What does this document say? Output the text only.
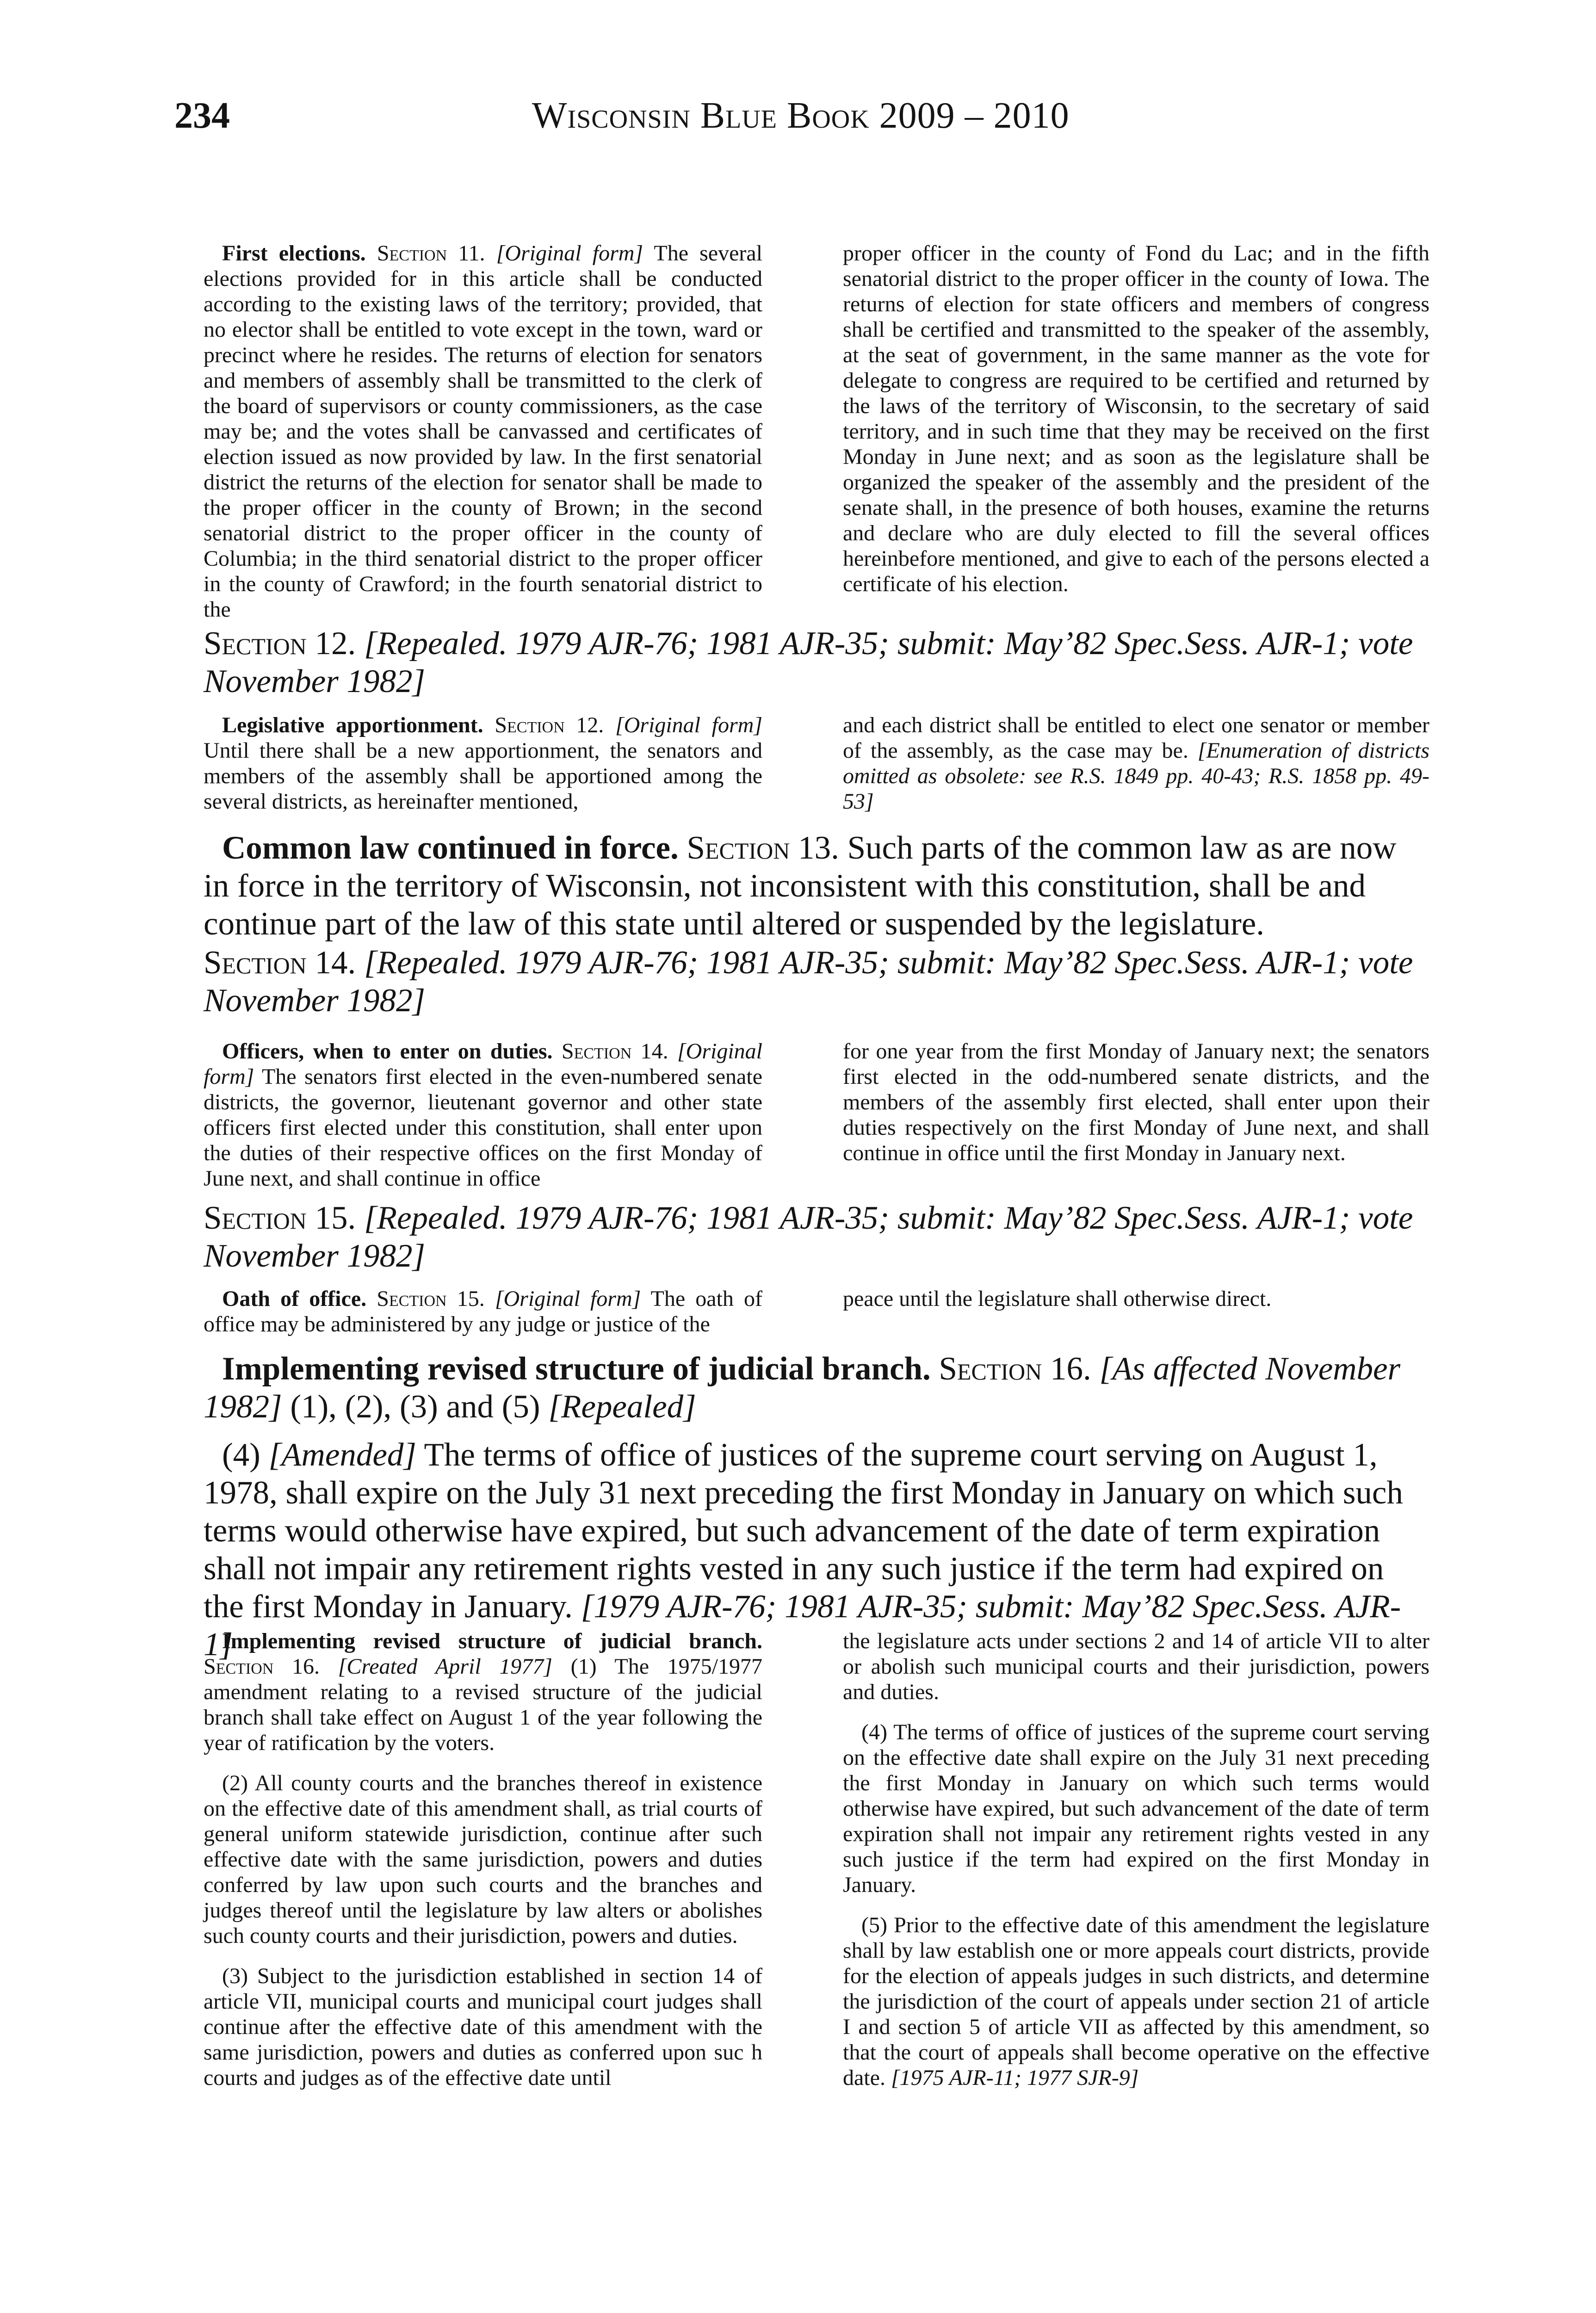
234	Wisconsin Blue Book 2009 – 2010

First elections. Section 11. [Original form] The several elections provided for in this article shall be conducted according to the existing laws of the territory; provided, that no elector shall be entitled to vote except in the town, ward or precinct where he resides. The returns of election for senators and members of assembly shall be transmitted to the clerk of the board of supervisors or county commissioners, as the case may be; and the votes shall be canvassed and certificates of election issued as now provided by law. In the first senatorial district the returns of the election for senator shall be made to the proper officer in the county of Brown; in the second senatorial district to the proper officer in the county of Columbia; in the third senatorial district to the proper officer in the county of Crawford; in the fourth senatorial district to the

proper officer in the county of Fond du Lac; and in the fifth senatorial district to the proper officer in the county of Iowa. The returns of election for state officers and members of congress shall be certified and transmitted to the speaker of the assembly, at the seat of government, in the same manner as the vote for delegate to congress are required to be certified and returned by the laws of the territory of Wisconsin, to the secretary of said territory, and in such time that they may be received on the first Monday in June next; and as soon as the legislature shall be organized the speaker of the assembly and the president of the senate shall, in the presence of both houses, examine the returns and declare who are duly elected to fill the several offices hereinbefore mentioned, and give to each of the persons elected a certificate of his election.

Section 12. [Repealed. 1979 AJR-76; 1981 AJR-35; submit: May’82 Spec.Sess. AJR-1; vote November 1982]

Legislative apportionment. Section 12. [Original form] Until there shall be a new apportionment, the senators and members of the assembly shall be apportioned among the several districts, as hereinafter mentioned,

and each district shall be entitled to elect one senator or member of the assembly, as the case may be. [Enumeration of districts omitted as obsolete: see R.S. 1849 pp. 40-43; R.S. 1858 pp. 49-53]

Common law continued in force. Section 13. Such parts of the common law as are now in force in the territory of Wisconsin, not inconsistent with this constitution, shall be and continue part of the law of this state until altered or suspended by the legislature.

Section 14. [Repealed. 1979 AJR-76; 1981 AJR-35; submit: May’82 Spec.Sess. AJR-1; vote November 1982]

Officers, when to enter on duties. Section 14. [Original form] The senators first elected in the even-numbered senate districts, the governor, lieutenant governor and other state officers first elected under this constitution, shall enter upon the duties of their respective offices on the first Monday of June next, and shall continue in office

for one year from the first Monday of January next; the senators first elected in the odd-numbered senate districts, and the members of the assembly first elected, shall enter upon their duties respectively on the first Monday of June next, and shall continue in office until the first Monday in January next.

Section 15. [Repealed. 1979 AJR-76; 1981 AJR-35; submit: May’82 Spec.Sess. AJR-1; vote November 1982]

Oath of office. Section 15. [Original form] The oath of office may be administered by any judge or justice of the

peace until the legislature shall otherwise direct.

Implementing revised structure of judicial branch. Section 16. [As affected November 1982] (1), (2), (3) and (5) [Repealed]

(4) [Amended] The terms of office of justices of the supreme court serving on August 1, 1978, shall expire on the July 31 next preceding the first Monday in January on which such terms would otherwise have expired, but such advancement of the date of term expiration shall not impair any retirement rights vested in any such justice if the term had expired on the first Monday in January. [1979 AJR-76; 1981 AJR-35; submit: May’82 Spec.Sess. AJR-1]

Implementing revised structure of judicial branch. Section 16. [Created April 1977] (1) The 1975/1977 amendment relating to a revised structure of the judicial branch shall take effect on August 1 of the year following the year of ratification by the voters.

(2) All county courts and the branches thereof in existence on the effective date of this amendment shall, as trial courts of general uniform statewide jurisdiction, continue after such effective date with the same jurisdiction, powers and duties conferred by law upon such courts and the branches and judges thereof until the legislature by law alters or abolishes such county courts and their jurisdiction, powers and duties.

(3) Subject to the jurisdiction established in section 14 of article VII, municipal courts and municipal court judges shall continue after the effective date of this amendment with the same jurisdiction, powers and duties as conferred upon suc h courts and judges as of the effective date until

the legislature acts under sections 2 and 14 of article VII to alter or abolish such municipal courts and their jurisdiction, powers and duties.

(4) The terms of office of justices of the supreme court serving on the effective date shall expire on the July 31 next preceding the first Monday in January on which such terms would otherwise have expired, but such advancement of the date of term expiration shall not impair any retirement rights vested in any such justice if the term had expired on the first Monday in January.

(5) Prior to the effective date of this amendment the legislature shall by law establish one or more appeals court districts, provide for the election of appeals judges in such districts, and determine the jurisdiction of the court of appeals under section 21 of article I and section 5 of article VII as affected by this amendment, so that the court of appeals shall become operative on the effective date. [1975 AJR-11; 1977 SJR-9]
